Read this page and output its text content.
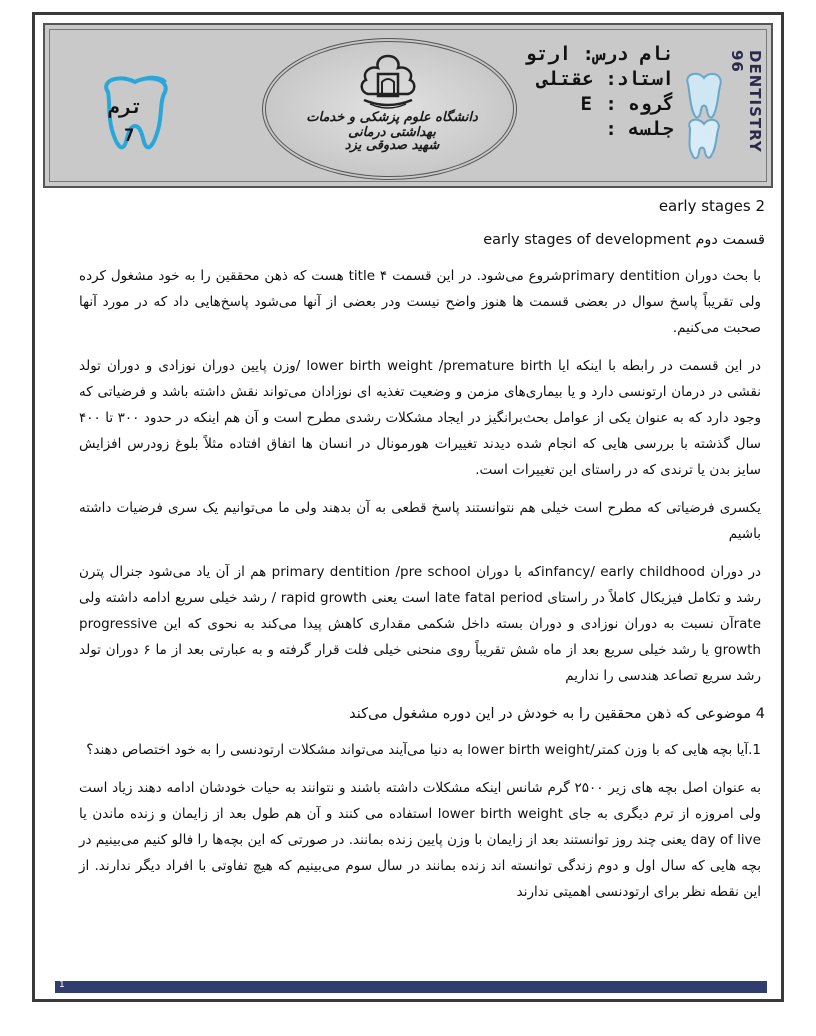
ترم
7
دانشگاه علوم پزشکی و خدمات بهداشتی درمانی
شهید صدوقی یزد
نام درس: ارتو
استاد: عقتلی
گروه : E
جلسه :	DENTISTRY 96
early stages 2
قسمت دوم early stages of development

با بحث دوران primary dentitionشروع می‌شود. در این قسمت ۴ title هست که ذهن محققین را به خود مشغول کرده ولی تقریباً پاسخ سوال در بعضی قسمت ها هنوز واضح نیست ودر بعضی از آنها می‌شود پاسخ‌هایی داد که در مورد آنها صحبت می‌کنیم.

در این قسمت در رابطه با اینکه ایا lower birth weight /premature birth /وزن پایین دوران نوزادی و دوران تولد نقشی در درمان ارتونسی دارد و یا بیماری‌های مزمن و وضعیت تغذیه ای نوزادان می‌تواند نقش داشته باشد و فرضیاتی که وجود دارد که به عنوان یکی از عوامل بحث‌برانگیز در ایجاد مشکلات رشدی مطرح است و آن هم اینکه در حدود ۳۰۰ تا ۴۰۰ سال گذشته با بررسی هایی که انجام شده دیدند تغییرات هورمونال در انسان ها اتفاق افتاده مثلاً بلوغ زودرس افزایش سایز بدن یا ترندی که در راستای این تغییرات است.

یکسری فرضیاتی که مطرح است خیلی هم نتوانستند پاسخ قطعی به آن بدهند ولی ما می‌توانیم یک سری فرضیات داشته باشیم

در دوران infancy/ early childhoodکه با دوران primary dentition /pre school هم از آن یاد می‌شود جنرال پترن رشد و تکامل فیزیکال کاملاً در راستای late fatal period است یعنی rapid growth / رشد خیلی سریع ادامه داشته ولی rateآن نسبت به دوران نوزادی و دوران بسته داخل شکمی مقداری کاهش پیدا می‌کند به نحوی که این progressive growth یا رشد خیلی سریع بعد از ماه شش تقریباً روی منحنی خیلی فلت قرار گرفته و به عبارتی بعد از ما ۶ دوران تولد رشد سریع تصاعد هندسی را نداریم

4 موضوعی که ذهن محققین را به خودش در این دوره مشغول می‌کند

1.آیا بچه هایی که با وزن کمتر/lower birth weight به دنیا می‌آیند می‌تواند مشکلات ارتودنسی را به خود اختصاص دهند؟

به عنوان اصل بچه های زیر ۲۵۰۰ گرم شانس اینکه مشکلات داشته باشند و نتوانند به حیات خودشان ادامه دهند زیاد است ولی امروزه از ترم دیگری به جای lower birth weight استفاده می کنند و آن هم طول بعد از زایمان و زنده ماندن یا day of live یعنی چند روز توانستند بعد از زایمان با وزن پایین زنده بمانند. در صورتی که این بچه‌ها را فالو کنیم می‌بینیم در بچه هایی که سال اول و دوم زندگی توانسته اند زنده بمانند در سال سوم می‌بینیم که هیچ تفاوتی با افراد دیگر ندارند. از این نقطه نظر برای ارتودنسی اهمیتی ندارند

1
